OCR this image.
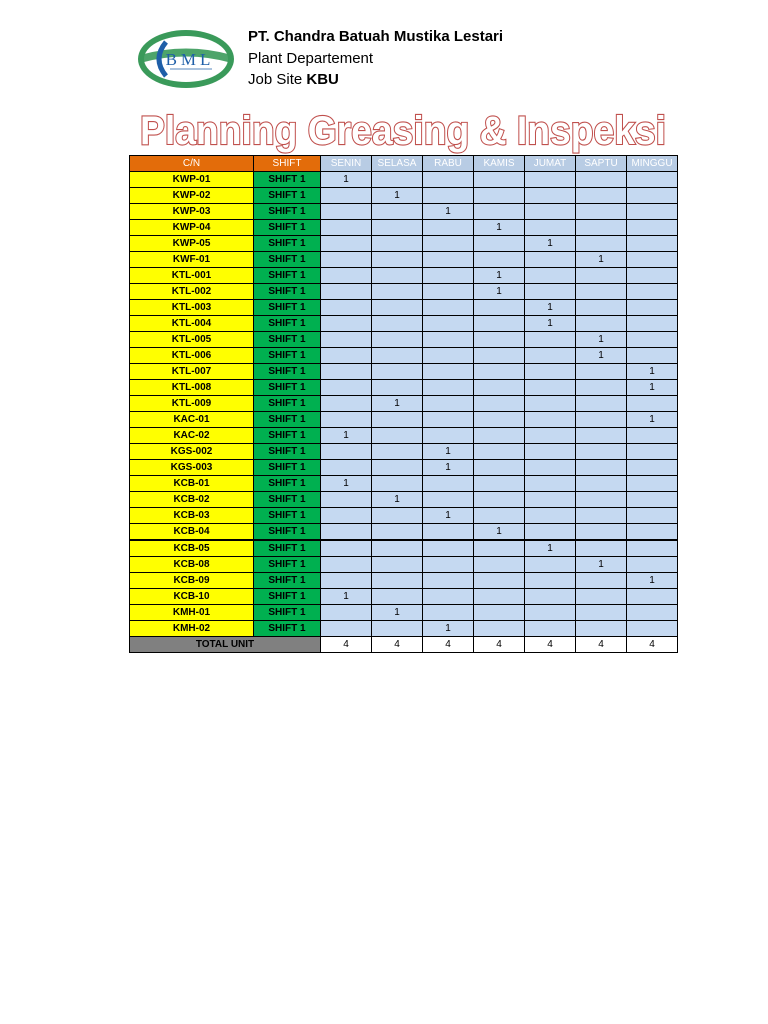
BML
PT. Chandra Batuah Mustika Lestari
Plant Departement
Job Site KBU
Planning Greasing & Inspeksi
C/N	SHIFT	SENIN	SELASA	RABU	KAMIS	JUMAT	SAPTU	MINGGU
KWP-01	SHIFT 1	1						
KWP-02	SHIFT 1		1					
KWP-03	SHIFT 1			1				
KWP-04	SHIFT 1				1			
KWP-05	SHIFT 1					1		
KWF-01	SHIFT 1						1	
KTL-001	SHIFT 1				1			
KTL-002	SHIFT 1				1			
KTL-003	SHIFT 1					1		
KTL-004	SHIFT 1					1		
KTL-005	SHIFT 1						1	
KTL-006	SHIFT 1						1	
KTL-007	SHIFT 1							1
KTL-008	SHIFT 1							1
KTL-009	SHIFT 1		1					
KAC-01	SHIFT 1							1
KAC-02	SHIFT 1	1						
KGS-002	SHIFT 1			1				
KGS-003	SHIFT 1			1				
KCB-01	SHIFT 1	1						
KCB-02	SHIFT 1		1					
KCB-03	SHIFT 1			1				
KCB-04	SHIFT 1				1			
KCB-05	SHIFT 1					1		
KCB-08	SHIFT 1						1	
KCB-09	SHIFT 1							1
KCB-10	SHIFT 1	1						
KMH-01	SHIFT 1		1					
KMH-02	SHIFT 1			1				
TOTAL UNIT		4	4	4	4	4	4	4
